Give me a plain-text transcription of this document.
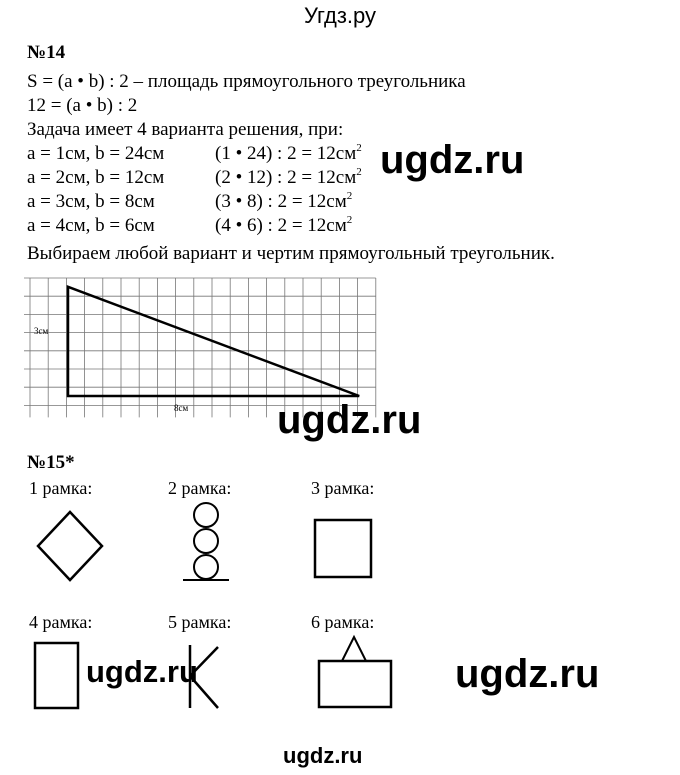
Угдз.ру
№14
S = (a • b) : 2 – площадь прямоугольного треугольника
12 = (a • b) : 2
Задача имеет 4 варианта решения, при:
a = 1см, b = 24см	(1 • 24) : $2 = 12см^2$
a = 2см, b = 12см	(2 • 12) : $2 = 12см^2$
a = 3см, b = 8см	(3 • 8) : $2 = 12см^2$
a = 4см, b = 6см	(4 • 6) : $2 = 12см^2$
Выбираем любой вариант и чертим прямоугольный треугольник.
3см
8см
№15*
1 рамка:	2 рамка:	3 рамка:
4 рамка:	5 рамка:	6 рамка:
ugdz.ru
ugdz.ru
ugdz.ru	ugdz.ru
ugdz.ru
